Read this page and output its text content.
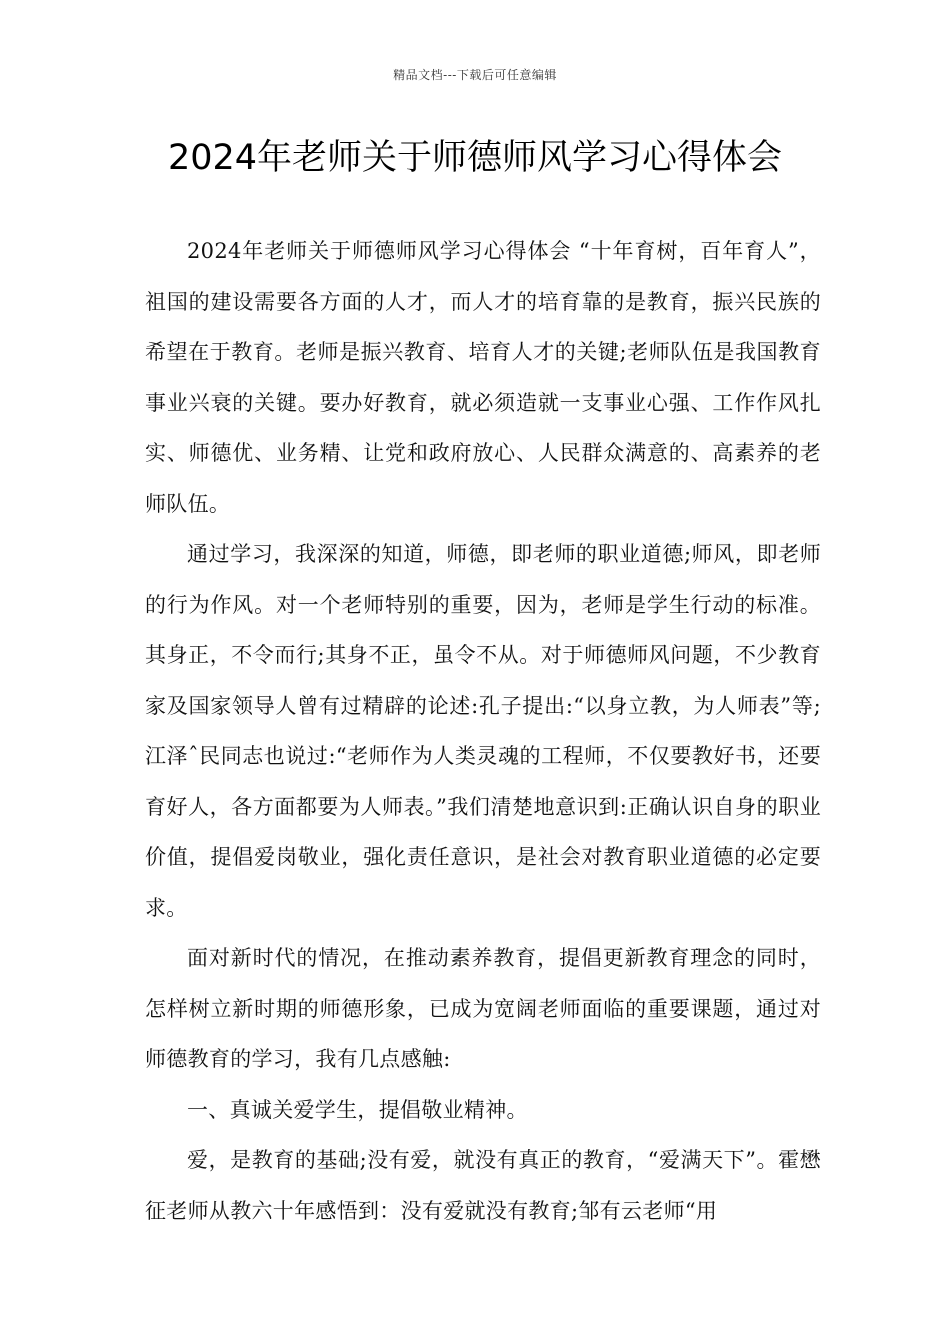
精品文档---下载后可任意编辑
2024年老师关于师德师风学习心得体会

2024年老师关于师德师风学习心得体会 “十年育树，百年育人”，祖国的建设需要各方面的人才，而人才的培育靠的是教育，振兴民族的希望在于教育。老师是振兴教育、培育人才的关键;老师队伍是我国教育事业兴衰的关键。要办好教育，就必须造就一支事业心强、工作作风扎实、师德优、业务精、让党和政府放心、人民群众满意的、高素养的老师队伍。

通过学习，我深深的知道，师德，即老师的职业道德;师风，即老师的行为作风。对一个老师特别的重要，因为，老师是学生行动的标准。其身正，不令而行;其身不正，虽令不从。对于师德师风问题，不少教育家及国家领导人曾有过精辟的论述:孔子提出:“以身立教，为人师表”等;江泽ˆ民同志也说过:“老师作为人类灵魂的工程师，不仅要教好书，还要育好人，各方面都要为人师表。”我们清楚地意识到:正确认识自身的职业价值，提倡爱岗敬业，强化责任意识，是社会对教育职业道德的必定要求。

面对新时代的情况，在推动素养教育，提倡更新教育理念的同时，怎样树立新时期的师德形象，已成为宽阔老师面临的重要课题，通过对师德教育的学习，我有几点感触:

一、真诚关爱学生，提倡敬业精神。

爱，是教育的基础;没有爱，就没有真正的教育，“爱满天下”。霍懋征老师从教六十年感悟到：没有爱就没有教育;邹有云老师“用
